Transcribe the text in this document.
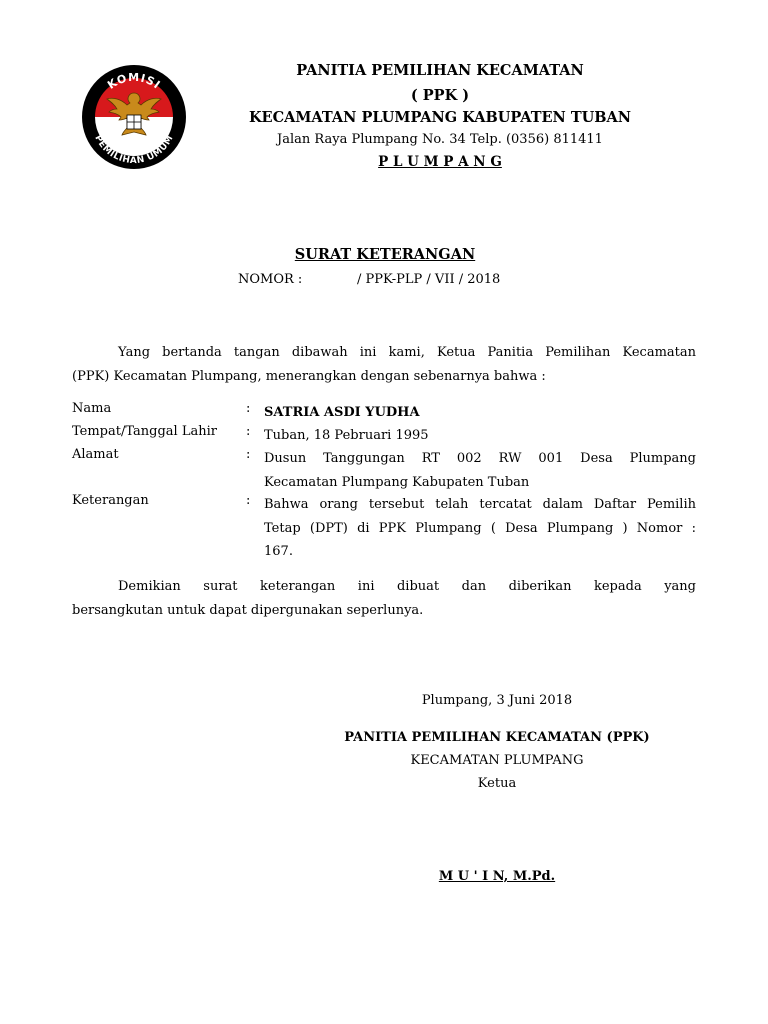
KOMISI
PEMILIHAN UMUM
PANITIA PEMILIHAN KECAMATAN
( PPK )
KECAMATAN PLUMPANG KABUPATEN TUBAN
Jalan Raya Plumpang No. 34 Telp. (0356) 811411
P L U M P A N G
SURAT KETERANGAN
NOMOR :	/ PPK-PLP / VII / 2018
Yang bertanda tangan dibawah ini kami, Ketua Panitia Pemilihan Kecamatan
(PPK) Kecamatan Plumpang, menerangkan dengan sebenarnya bahwa :
Nama	: SATRIA ASDI YUDHA
Tempat/Tanggal Lahir : Tuban, 18 Pebruari 1995
Alamat	: Dusun Tanggungan RT 002 RW 001 Desa Plumpang
Kecamatan Plumpang Kabupaten Tuban
Keterangan	: Bahwa orang tersebut telah tercatat dalam Daftar Pemilih
Tetap (DPT) di PPK Plumpang ( Desa Plumpang ) Nomor :
167.
Demikian surat keterangan ini dibuat dan diberikan kepada yang
bersangkutan untuk dapat dipergunakan seperlunya.
Plumpang, 3 Juni 2018
PANITIA PEMILIHAN KECAMATAN (PPK)
KECAMATAN PLUMPANG
Ketua
M U ' I N, M.Pd.
